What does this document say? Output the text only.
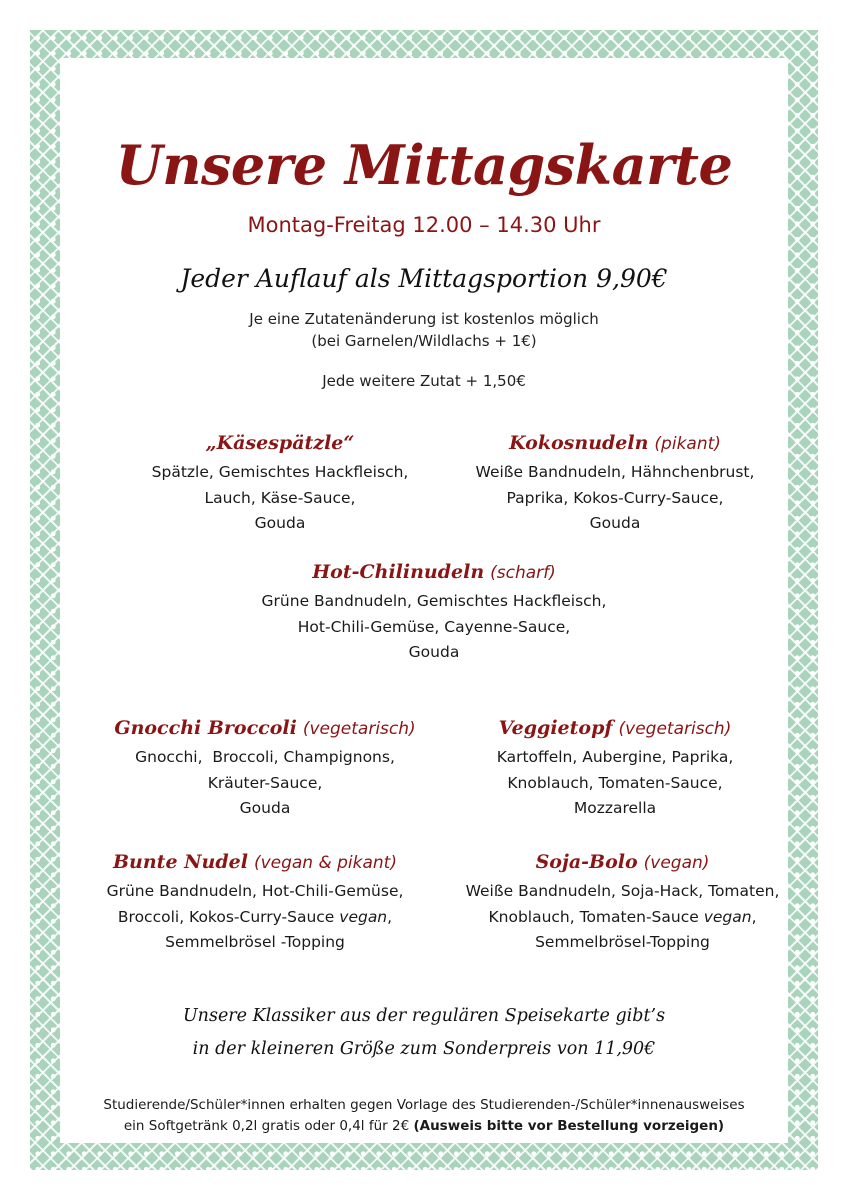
Unsere Mittagskarte
Montag-Freitag 12.00 – 14.30 Uhr
Jeder Auflauf als Mittagsportion 9,90€
Je eine Zutatenänderung ist kostenlos möglich
(bei Garnelen/Wildlachs + 1€)
Jede weitere Zutat + 1,50€
„Käsespätzle“
Spätzle, Gemischtes Hackfleisch,
Lauch, Käse-Sauce,
Gouda
Kokosnudeln (pikant)
Weiße Bandnudeln, Hähnchenbrust,
Paprika, Kokos-Curry-Sauce,
Gouda
Hot-Chilinudeln (scharf)
Grüne Bandnudeln, Gemischtes Hackfleisch,
Hot-Chili-Gemüse, Cayenne-Sauce,
Gouda
Gnocchi Broccoli (vegetarisch)
Gnocchi,  Broccoli, Champignons,
Kräuter-Sauce,
Gouda
Veggietopf (vegetarisch)
Kartoffeln, Aubergine, Paprika,
Knoblauch, Tomaten-Sauce,
Mozzarella
Bunte Nudel (vegan & pikant)
Grüne Bandnudeln, Hot-Chili-Gemüse,
Broccoli, Kokos-Curry-Sauce vegan,
Semmelbrösel -Topping
Soja-Bolo (vegan)
Weiße Bandnudeln, Soja-Hack, Tomaten,
Knoblauch, Tomaten-Sauce vegan,
Semmelbrösel-Topping
Unsere Klassiker aus der regulären Speisekarte gibt’s
in der kleineren Größe zum Sonderpreis von 11,90€
Studierende/Schüler*innen erhalten gegen Vorlage des Studierenden-/Schüler*innenausweises
ein Softgetränk 0,2l gratis oder 0,4l für 2€ (Ausweis bitte vor Bestellung vorzeigen)
